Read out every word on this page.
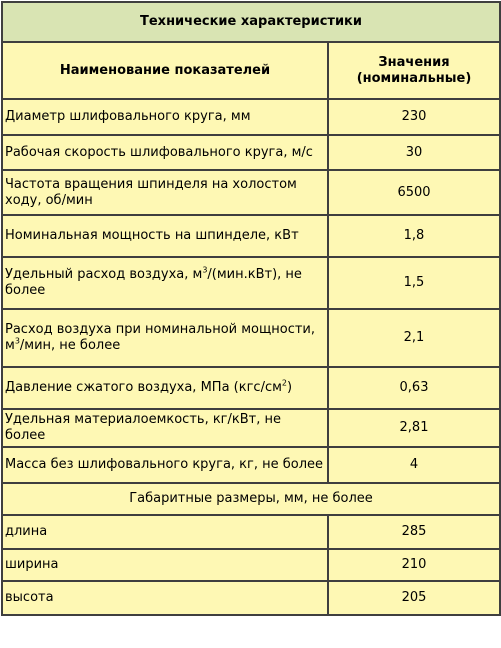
Технические характеристики	
Наименование показателей	Значения
(номинальные)
Диаметр шлифовального круга, мм	230
Рабочая скорость шлифовального круга, м/с	30
Частота вращения шпинделя на холостом ходу, об/мин	6500
Номинальная мощность на шпинделе, кВт	1,8
Удельный расход воздуха, $м^3/(мин.кВт)$, не более	1,5
Расход воздуха при номинальной мощности, $м^3$/мин, не более	2,1
Давление сжатого воздуха, МПа $(кгс/см^2)$	0,63
Удельная материалоемкость, кг/кВт, не более	2,81
Масса без шлифовального круга, кг, не более	4
Габаритные размеры, мм, не более	
длина	285
ширина	210
высота	205
